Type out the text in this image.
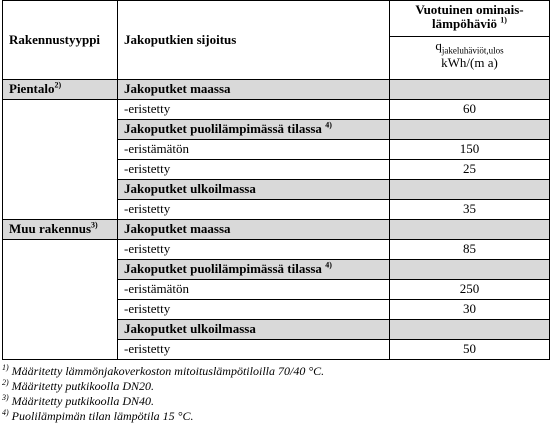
Rakennustyyppi	Jakoputkien sijoitus	Vuotuinen ominais-
lämpöhäviö $^{1)}$
$q_{jakeluhäviöt,ulos}$
kWh/(m a)

Pientalo$^{2)}$	Jakoputket maassa	
	-eristetty	60
	Jakoputket puolilämpimässä tilassa $^{4)}$	
	-eristämätön	150
	-eristetty	25
	Jakoputket ulkoilmassa	
	-eristetty	35

Muu rakennus$^{3)}$	Jakoputket maassa	
	-eristetty	85
	Jakoputket puolilämpimässä tilassa $^{4)}$	
	-eristämätön	250
	-eristetty	30
	Jakoputket ulkoilmassa	
	-eristetty	50
$^{1)}$ Määritetty lämmönjakoverkoston mitoituslämpötiloilla 70/40 °C.
$^{2)}$ Määritetty putkikoolla DN20.
$^{3)}$ Määritetty putkikoolla DN40.
$^{4)}$ Puolilämpimän tilan lämpötila 15 °C.
